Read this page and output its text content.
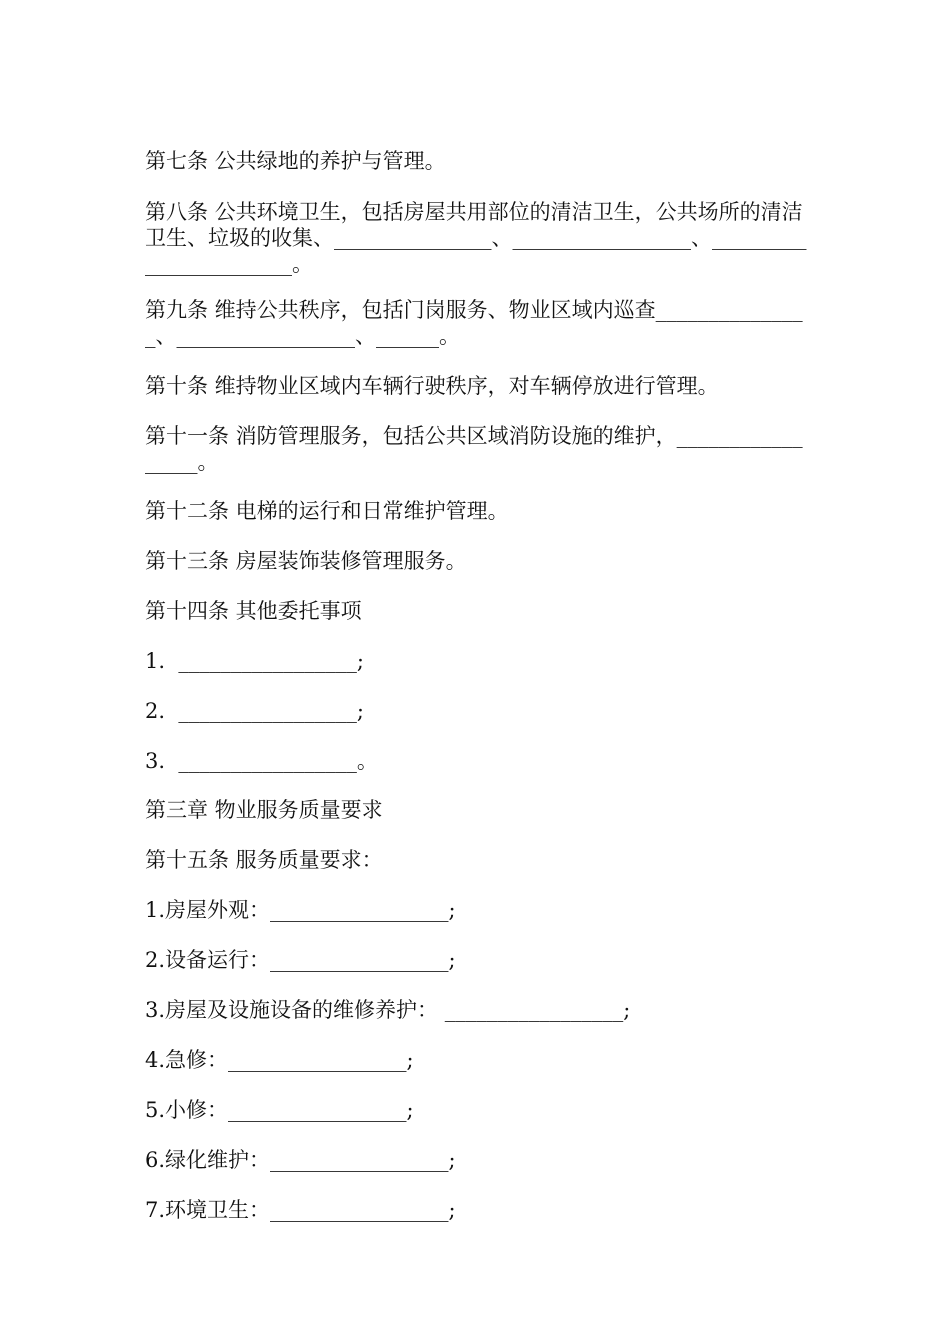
第七条 公共绿地的养护与管理。
第八条 公共环境卫生，包括房屋共用部位的清洁卫生，公共场所的清洁卫生、垃圾的收集、_______________、_________________、_______________________。
第九条 维持公共秩序，包括门岗服务、物业区域内巡查_______________、_________________、______。
第十条 维持物业区域内车辆行驶秩序，对车辆停放进行管理。
第十一条 消防管理服务，包括公共区域消防设施的维护，_________________。
第十二条 电梯的运行和日常维护管理。
第十三条 房屋装饰装修管理服务。
第十四条 其他委托事项
1.  _________________;
2.  _________________;
3.  _________________。
第三章 物业服务质量要求
第十五条 服务质量要求：
1.房屋外观：_________________;
2.设备运行：_________________;
3.房屋及设施设备的维修养护： _________________;
4.急修：_________________;
5.小修：_________________;
6.绿化维护：_________________;
7.环境卫生：_________________;
